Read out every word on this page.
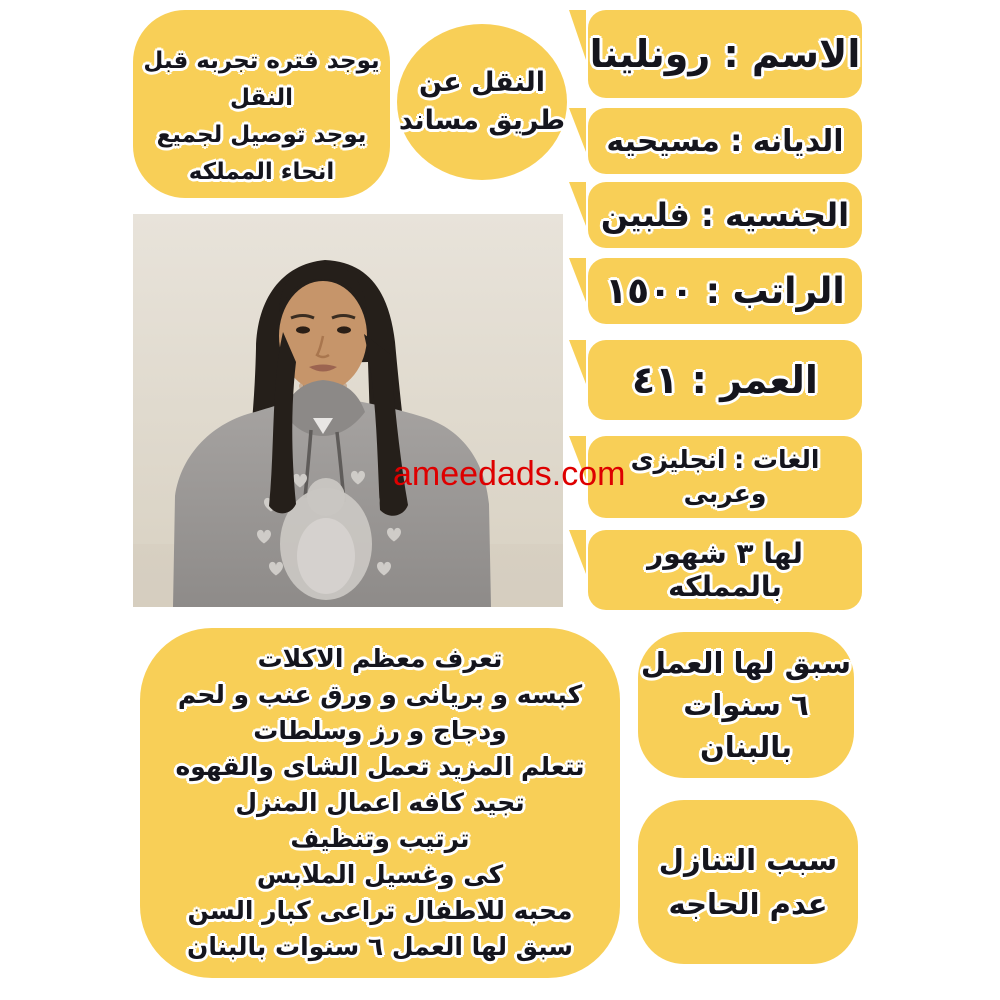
يوجد فتره تجربه قبل النقل
يوجد توصيل لجميع
انحاء المملكه
النقل عن
طريق مساند
ameedads.com
الاسم : رونلينا
الديانه : مسيحيه
الجنسيه : فلبين
الراتب : ١٥٠٠
العمر : ٤١
الغات : انجليزى
وعربى
لها ٣ شهور بالمملكه
تعرف معظم الاكلات
كبسه و بريانى و ورق عنب و لحم
ودجاج و رز وسلطات
تتعلم المزيد تعمل الشاى والقهوه
تجيد كافه اعمال المنزل
ترتيب وتنظيف
كى وغسيل الملابس
محبه للاطفال تراعى كبار السن
سبق لها العمل ٦ سنوات بالبنان
سبق لها العمل
٦ سنوات بالبنان
سبب التنازل
عدم الحاجه
